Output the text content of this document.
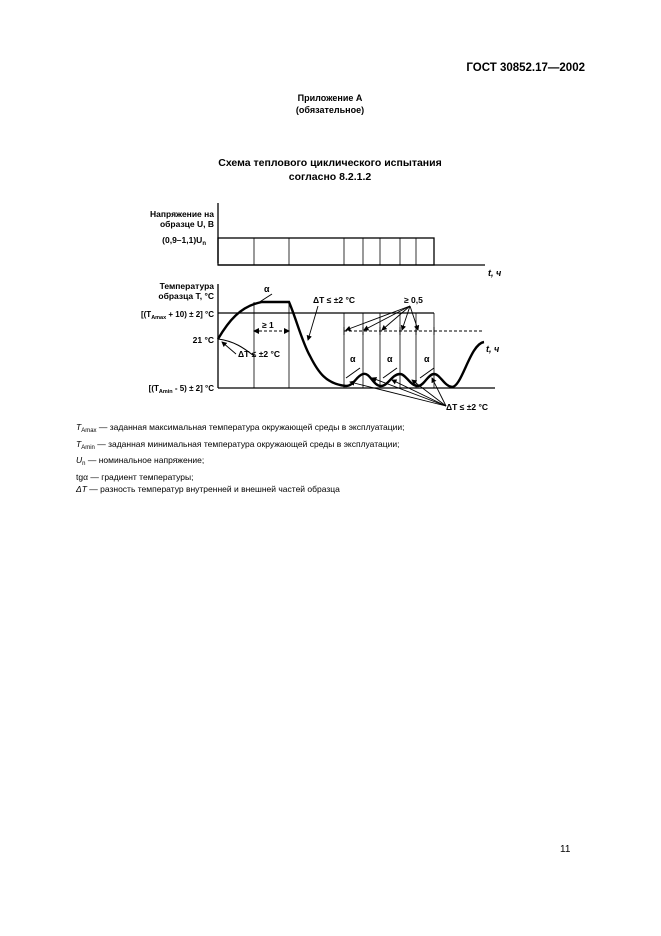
ГОСТ 30852.17—2002
Приложение А
(обязательное)
Схема теплового циклического испытания
согласно 8.2.1.2
Напряжение на
образце U, В
$(0,9-1,1)U_n$
t, ч
Температура
образца T, °C
$[(T_{Amax} + 10) \pm 2]$ °C
21 °C
$[(T_{Amin} - 5) \pm 2]$ °C
t, ч
≥ 1
α
α	α	α
≥ 0,5
ΔT ≤ ±2 °C
ΔT ≤ ±2 °C
ΔT ≤ ±2 °C
$T_{Amax}$ — заданная максимальная температура окружающей среды в эксплуатации;
$T_{Amin}$ — заданная минимальная температура окружающей среды в эксплуатации;
$U_n$ — номинальное напряжение;
tgα — градиент температуры;
ΔT — разность температур внутренней и внешней частей образца
11
